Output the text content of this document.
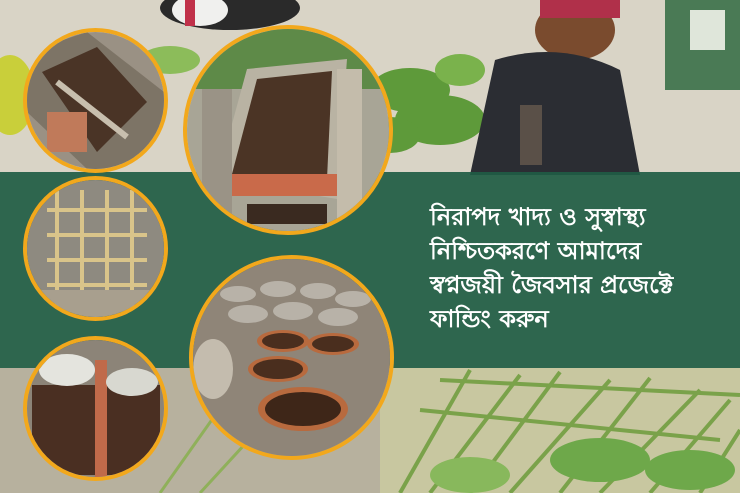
নিরাপদ খাদ্য ও সুস্বাস্থ্য
নিশ্চিতকরণে আমাদের
স্বপ্নজয়ী জৈবসার প্রজেক্টে
ফান্ডিং করুন
